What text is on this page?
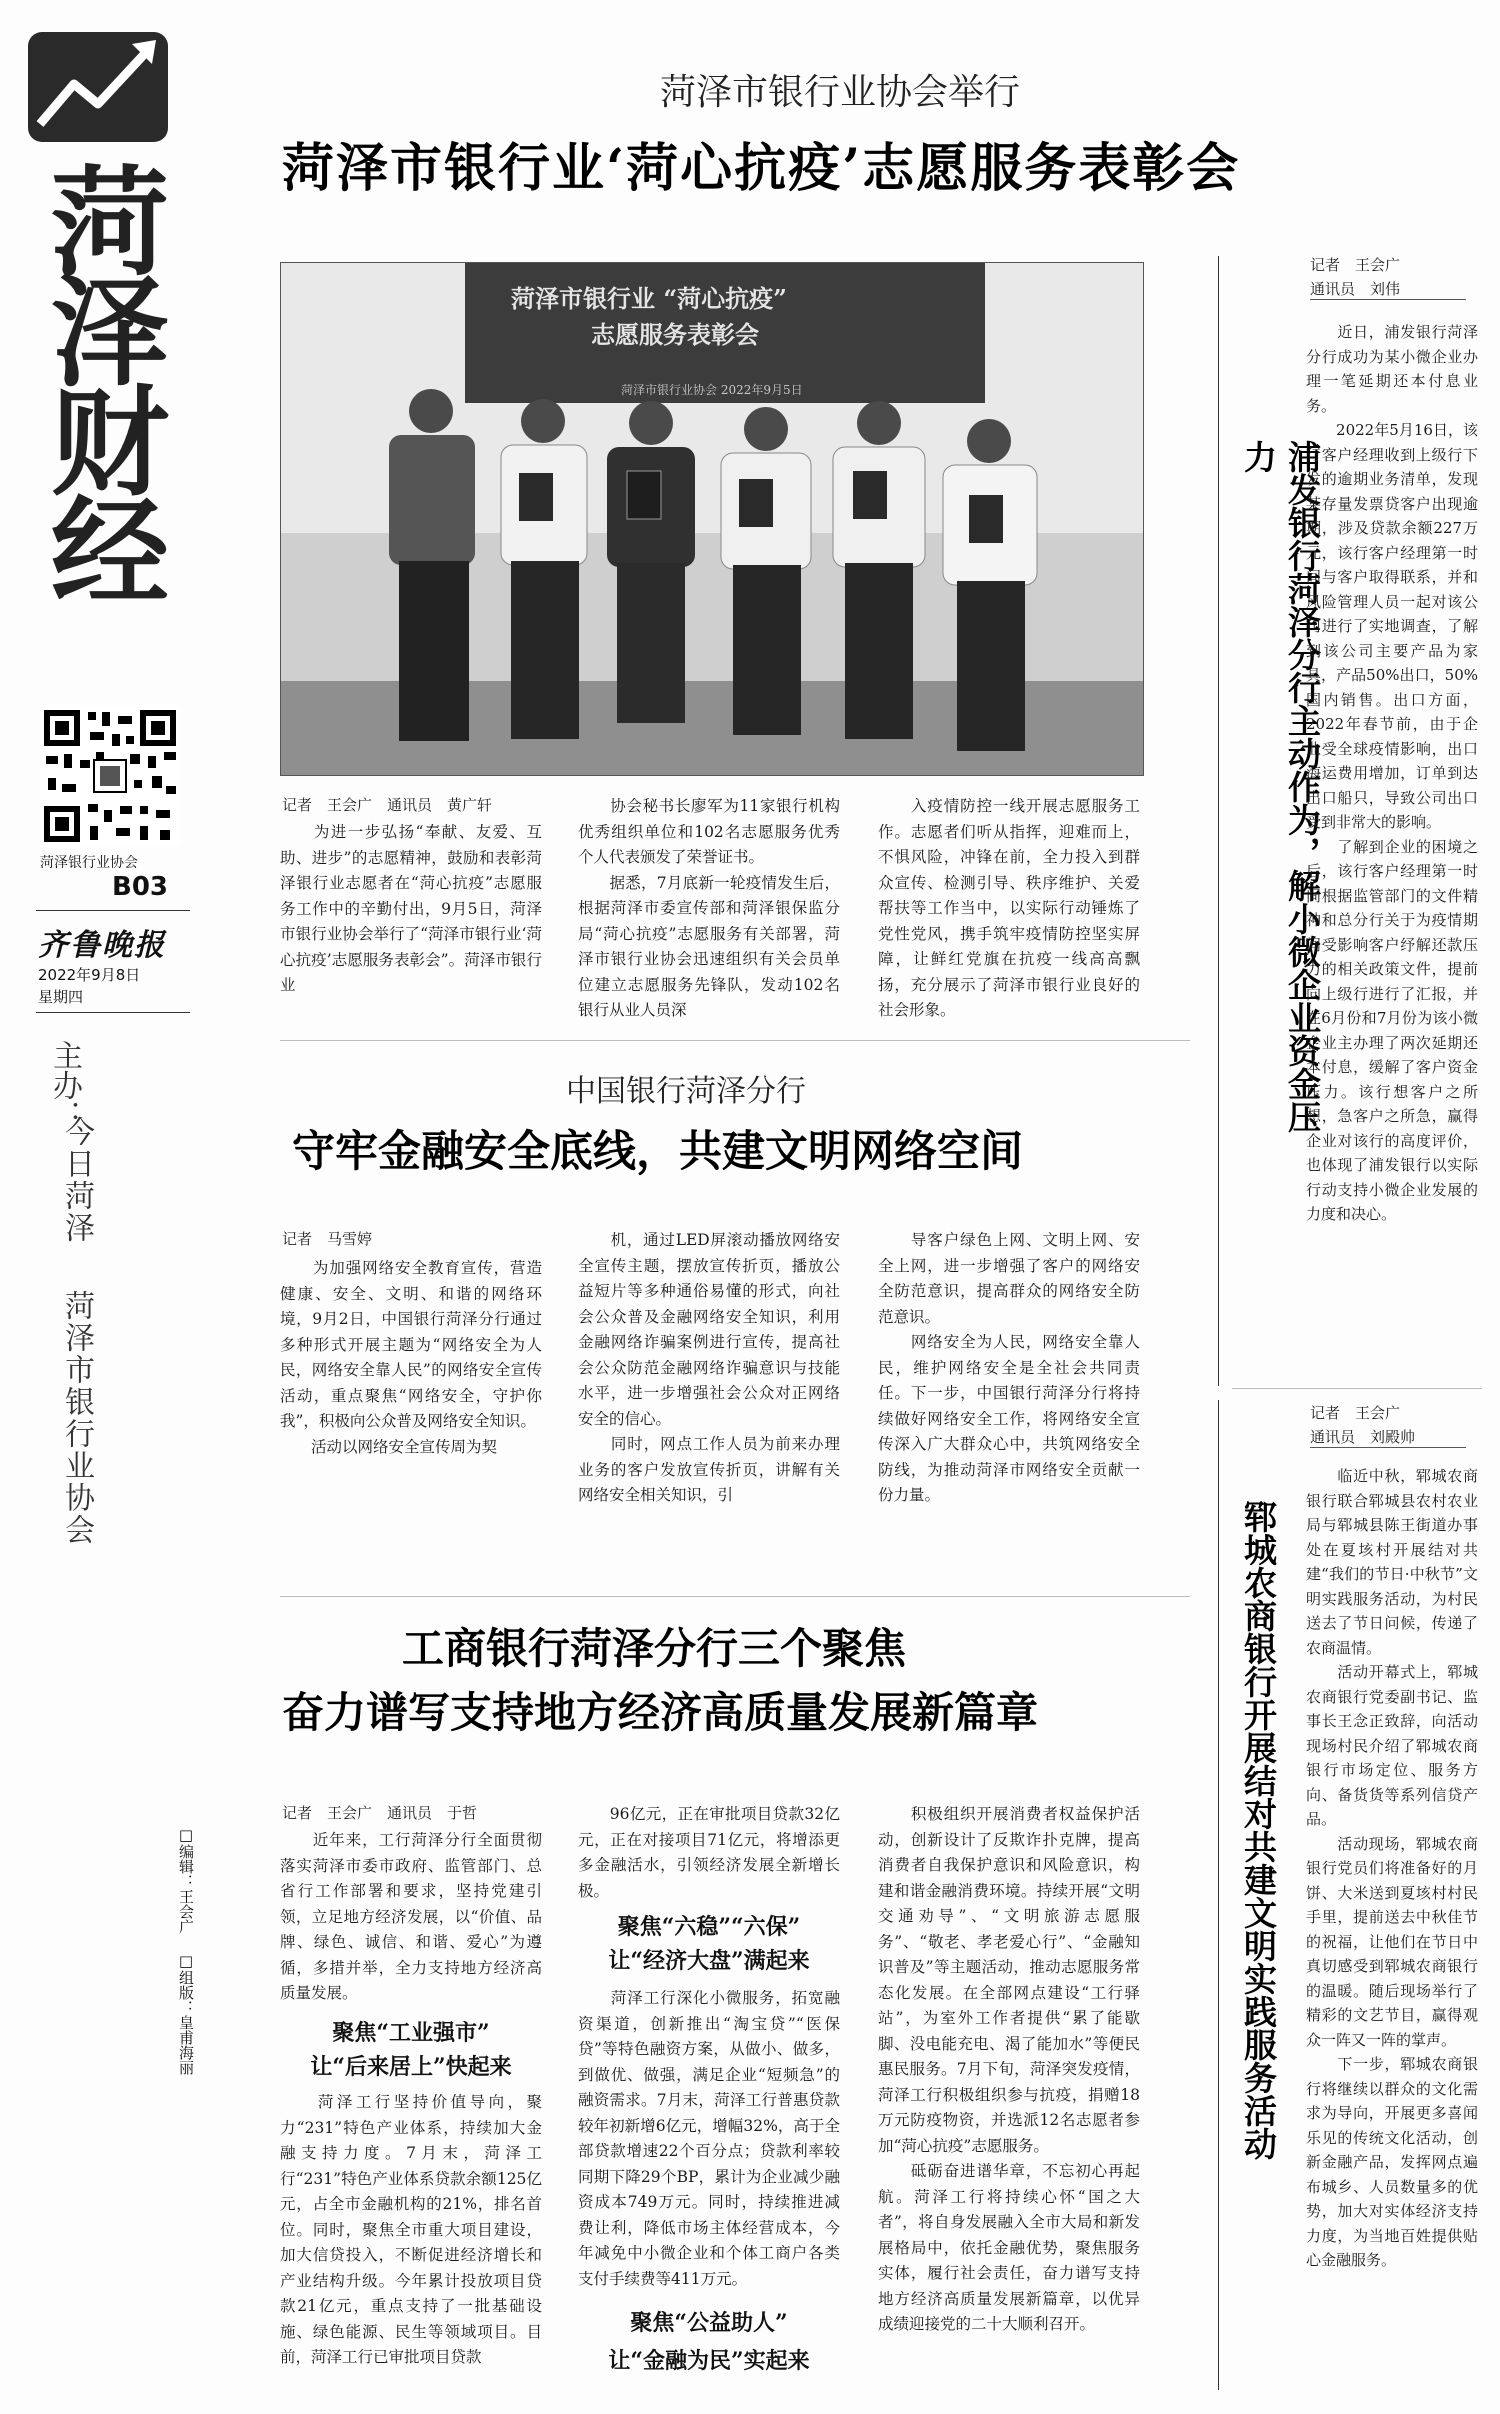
菏泽财经
菏泽银行业协会
B03
齐鲁晚报
2022年9月8日
星期四
主办：
今日菏泽
菏泽市银行业协会
□编辑：王会广
□组版：皇甫海丽
菏泽市银行业协会举行
菏泽市银行业‘菏心抗疫’志愿服务表彰会
菏泽市银行业 “菏心抗疫”
志愿服务表彰会
菏泽市银行业协会 2022年9月5日
记者　王会广　通讯员　黄广轩
　　为进一步弘扬“奉献、友爱、互助、进步”的志愿精神，鼓励和表彰菏泽银行业志愿者在“菏心抗疫”志愿服务工作中的辛勤付出，9月5日，菏泽市银行业协会举行了“菏泽市银行业‘菏心抗疫’志愿服务表彰会”。菏泽市银行业
　　协会秘书长廖军为11家银行机构优秀组织单位和102名志愿服务优秀个人代表颁发了荣誉证书。
　　据悉，7月底新一轮疫情发生后，根据菏泽市委宣传部和菏泽银保监分局“菏心抗疫”志愿服务有关部署，菏泽市银行业协会迅速组织有关会员单位建立志愿服务先锋队，发动102名银行从业人员深
　　入疫情防控一线开展志愿服务工作。志愿者们听从指挥，迎难而上，不惧风险，冲锋在前，全力投入到群众宣传、检测引导、秩序维护、关爱帮扶等工作当中，以实际行动锤炼了党性党风，携手筑牢疫情防控坚实屏障，让鲜红党旗在抗疫一线高高飘扬，充分展示了菏泽市银行业良好的社会形象。
中国银行菏泽分行
守牢金融安全底线，共建文明网络空间
记者　马雪婷
　　为加强网络安全教育宣传，营造健康、安全、文明、和谐的网络环境，9月2日，中国银行菏泽分行通过多种形式开展主题为“网络安全为人民，网络安全靠人民”的网络安全宣传活动，重点聚焦“网络安全，守护你我”，积极向公众普及网络安全知识。
　　活动以网络安全宣传周为契
　　机，通过LED屏滚动播放网络安全宣传主题，摆放宣传折页，播放公益短片等多种通俗易懂的形式，向社会公众普及金融网络安全知识，利用金融网络诈骗案例进行宣传，提高社会公众防范金融网络诈骗意识与技能水平，进一步增强社会公众对正网络安全的信心。
　　同时，网点工作人员为前来办理业务的客户发放宣传折页，讲解有关网络安全相关知识，引
　　导客户绿色上网、文明上网、安全上网，进一步增强了客户的网络安全防范意识，提高群众的网络安全防范意识。
　　网络安全为人民，网络安全靠人民，维护网络安全是全社会共同责任。下一步，中国银行菏泽分行将持续做好网络安全工作，将网络安全宣传深入广大群众心中，共筑网络安全防线，为推动菏泽市网络安全贡献一份力量。
工商银行菏泽分行三个聚焦
奋力谱写支持地方经济高质量发展新篇章
记者　王会广　通讯员　于哲
　　近年来，工行菏泽分行全面贯彻落实菏泽市委市政府、监管部门、总省行工作部署和要求，坚持党建引领，立足地方经济发展，以“价值、品牌、绿色、诚信、和谐、爱心”为遵循，多措并举，全力支持地方经济高质量发展。
聚焦“工业强市”
让“后来居上”快起来
　　菏泽工行坚持价值导向，聚力“231”特色产业体系，持续加大金融支持力度。7月末，菏泽工行“231”特色产业体系贷款余额125亿元，占全市金融机构的21%，排名首位。同时，聚焦全市重大项目建设，加大信贷投入，不断促进经济增长和产业结构升级。今年累计投放项目贷款21亿元，重点支持了一批基础设施、绿色能源、民生等领域项目。目前，菏泽工行已审批项目贷款
　　96亿元，正在审批项目贷款32亿元，正在对接项目71亿元，将增添更多金融活水，引领经济发展全新增长极。
聚焦“六稳”“六保”
让“经济大盘”满起来
　　菏泽工行深化小微服务，拓宽融资渠道，创新推出“淘宝贷”“医保贷”等特色融资方案，从做小、做多，到做优、做强，满足企业“短频急”的融资需求。7月末，菏泽工行普惠贷款较年初新增6亿元，增幅32%，高于全部贷款增速22个百分点；贷款利率较同期下降29个BP，累计为企业减少融资成本749万元。同时，持续推进减费让利，降低市场主体经营成本，今年减免中小微企业和个体工商户各类支付手续费等411万元。
聚焦“公益助人”
让“金融为民”实起来
　　积极组织开展消费者权益保护活动，创新设计了反欺诈扑克牌，提高消费者自我保护意识和风险意识，构建和谐金融消费环境。持续开展“文明交通劝导”、“文明旅游志愿服务”、“敬老、孝老爱心行”、“金融知识普及”等主题活动，推动志愿服务常态化发展。在全部网点建设“工行驿站”，为室外工作者提供“累了能歇脚、没电能充电、渴了能加水”等便民惠民服务。7月下旬，菏泽突发疫情，菏泽工行积极组织参与抗疫，捐赠18万元防疫物资，并选派12名志愿者参加“菏心抗疫”志愿服务。
　　砥砺奋进谱华章，不忘初心再起航。菏泽工行将持续心怀“国之大者”，将自身发展融入全市大局和新发展格局中，依托金融优势，聚焦服务实体，履行社会责任，奋力谱写支持地方经济高质量发展新篇章，以优异成绩迎接党的二十大顺利召开。
记者　王会广
通讯员　刘伟
浦发银行菏泽分行主动作为，解小微企业资金压力
　　近日，浦发银行菏泽分行成功为某小微企业办理一笔延期还本付息业务。
　　2022年5月16日，该行客户经理收到上级行下发的逾期业务清单，发现某存量发票贷客户出现逾期，涉及贷款余额227万元，该行客户经理第一时间与客户取得联系，并和风险管理人员一起对该公司进行了实地调查，了解到该公司主要产品为家具，产品50%出口，50%国内销售。出口方面，2022年春节前，由于企业受全球疫情影响，出口海运费用增加，订单到达出口船只，导致公司出口受到非常大的影响。
　　了解到企业的困境之后，该行客户经理第一时间根据监管部门的文件精神和总分行关于为疫情期间受影响客户纾解还款压力的相关政策文件，提前向上级行进行了汇报，并在6月份和7月份为该小微企业主办理了两次延期还本付息，缓解了客户资金压力。该行想客户之所想，急客户之所急，赢得企业对该行的高度评价，也体现了浦发银行以实际行动支持小微企业发展的力度和决心。
记者　王会广
通讯员　刘殿帅
郓城农商银行开展结对共建文明实践服务活动
　　临近中秋，郓城农商银行联合郓城县农村农业局与郓城县陈王街道办事处在夏垓村开展结对共建“我们的节日·中秋节”文明实践服务活动，为村民送去了节日问候，传递了农商温情。
　　活动开幕式上，郓城农商银行党委副书记、监事长王念正致辞，向活动现场村民介绍了郓城农商银行市场定位、服务方向、备货货等系列信贷产品。
　　活动现场，郓城农商银行党员们将准备好的月饼、大米送到夏垓村村民手里，提前送去中秋佳节的祝福，让他们在节日中真切感受到郓城农商银行的温暖。随后现场举行了精彩的文艺节目，赢得观众一阵又一阵的掌声。
　　下一步，郓城农商银行将继续以群众的文化需求为导向，开展更多喜闻乐见的传统文化活动，创新金融产品，发挥网点遍布城乡、人员数量多的优势，加大对实体经济支持力度，为当地百姓提供贴心金融服务。
